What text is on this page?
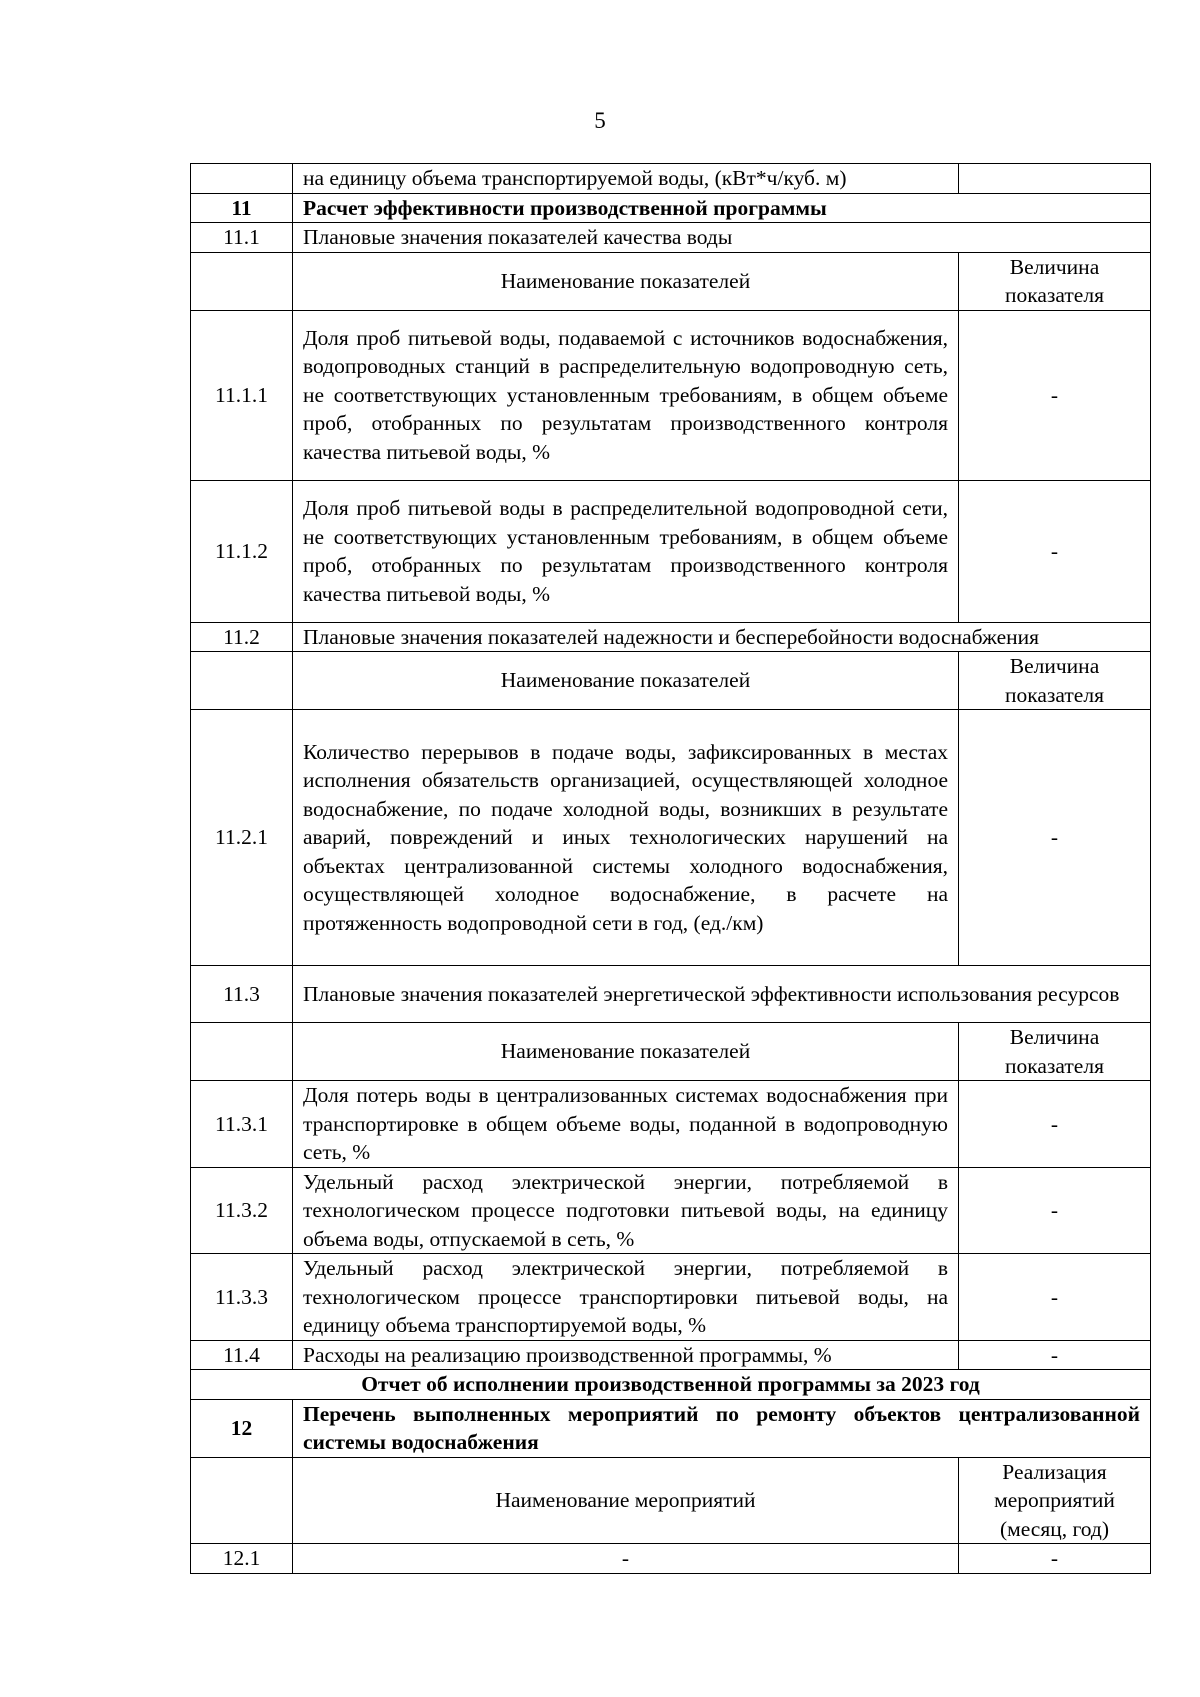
5
	на единицу объема транспортируемой воды, (кВт*ч/куб. м)	
11	Расчет эффективности производственной программы	
11.1	Плановые значения показателей качества воды	
	Наименование показателей	Величина показателя
11.1.1	Доля проб питьевой воды, подаваемой с источников водоснабжения, водопроводных станций в распределительную водопроводную сеть, не соответствующих установленным требованиям, в общем объеме проб, отобранных по результатам производственного контроля качества питьевой воды, %	-
11.1.2	Доля проб питьевой воды в распределительной водопроводной сети, не соответствующих установленным требованиям, в общем объеме проб, отобранных по результатам производственного контроля качества питьевой воды, %	-
11.2	Плановые значения показателей надежности и бесперебойности водоснабжения	
	Наименование показателей	Величина показателя
11.2.1	Количество перерывов в подаче воды, зафиксированных в местах исполнения обязательств организацией, осуществляющей холодное водоснабжение, по подаче холодной воды, возникших в результате аварий, повреждений и иных технологических нарушений на объектах централизованной системы холодного водоснабжения, осуществляющей холодное водоснабжение, в расчете на протяженность водопроводной сети в год, (ед./км)	-
11.3	Плановые значения показателей энергетической эффективности использования ресурсов	
	Наименование показателей	Величина показателя
11.3.1	Доля потерь воды в централизованных системах водоснабжения при транспортировке в общем объеме воды, поданной в водопроводную сеть, %	-
11.3.2	Удельный расход электрической энергии, потребляемой в технологическом процессе подготовки питьевой воды, на единицу объема воды, отпускаемой в сеть, %	-
11.3.3	Удельный расход электрической энергии, потребляемой в технологическом процессе транспортировки питьевой воды, на единицу объема транспортируемой воды, %	-
11.4	Расходы на реализацию производственной программы, %	-
Отчет об исполнении производственной программы за 2023 год		
12	Перечень выполненных мероприятий по ремонту объектов централизованной системы водоснабжения	
	Наименование мероприятий	Реализация мероприятий (месяц, год)
12.1	-	-
